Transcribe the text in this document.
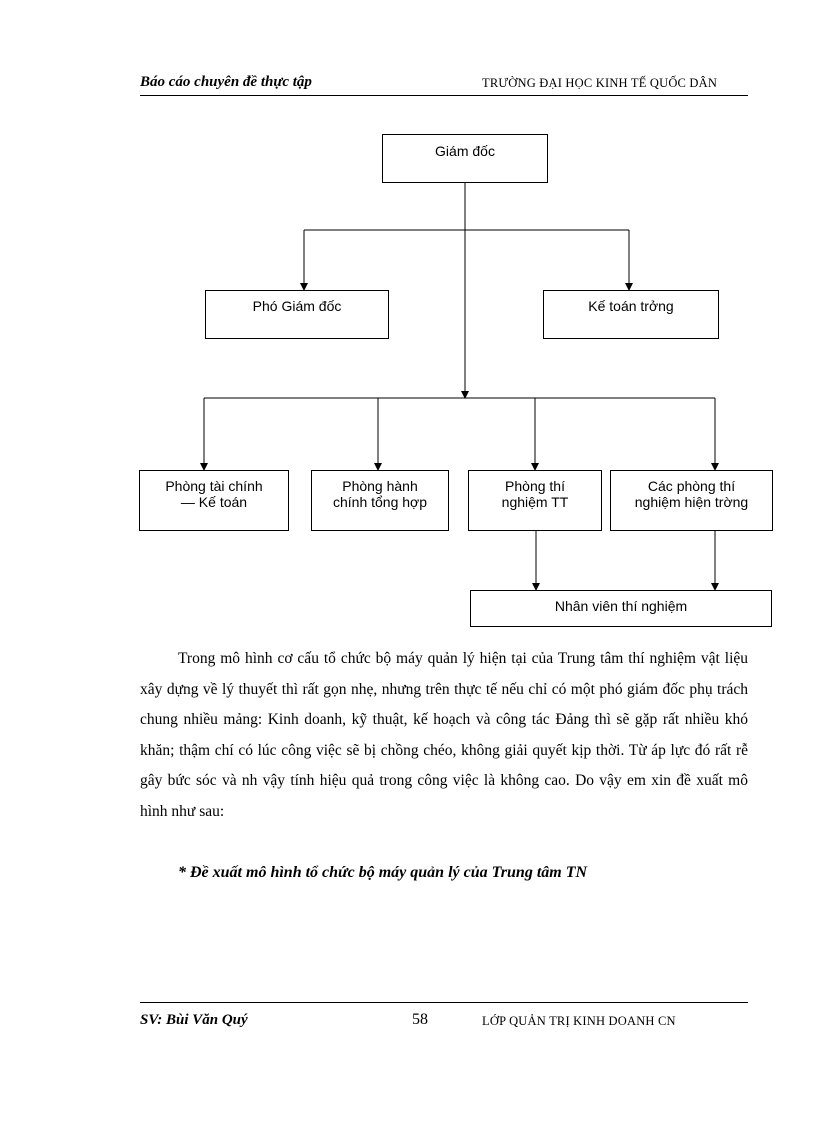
Báo cáo chuyên đề thực tập	TRƯỜNG ĐẠI HỌC KINH TẾ QUỐC DÂN
Giám đốc
Phó Giám đốc	Kế toán trởng
Phòng tài chính
— Kế toán
Phòng hành
chính tổng hợp
Phòng thí
nghiệm TT
Các phòng thí
nghiệm hiện trờng
Nhân viên thí nghiệm

Trong mô hình cơ cấu tổ chức bộ máy quản lý hiện tại của Trung tâm thí nghiệm vật liệu xây dựng về lý thuyết thì rất gọn nhẹ, nhưng trên thực tế nếu chỉ có một phó giám đốc phụ trách chung nhiều mảng: Kinh doanh, kỹ thuật, kế hoạch và công tác Đảng thì sẽ gặp rất nhiều khó khăn; thậm chí có lúc công việc sẽ bị chồng chéo, không giải quyết kịp thời. Từ áp lực đó rất rễ gây bức sóc và nh vậy tính hiệu quả trong công việc là không cao. Do vậy em xin đề xuất mô hình như sau:

* Đề xuất mô hình tổ chức bộ máy quản lý của Trung tâm TN
SV: Bùi Văn Quý	58	LỚP QUẢN TRỊ KINH DOANH CN
